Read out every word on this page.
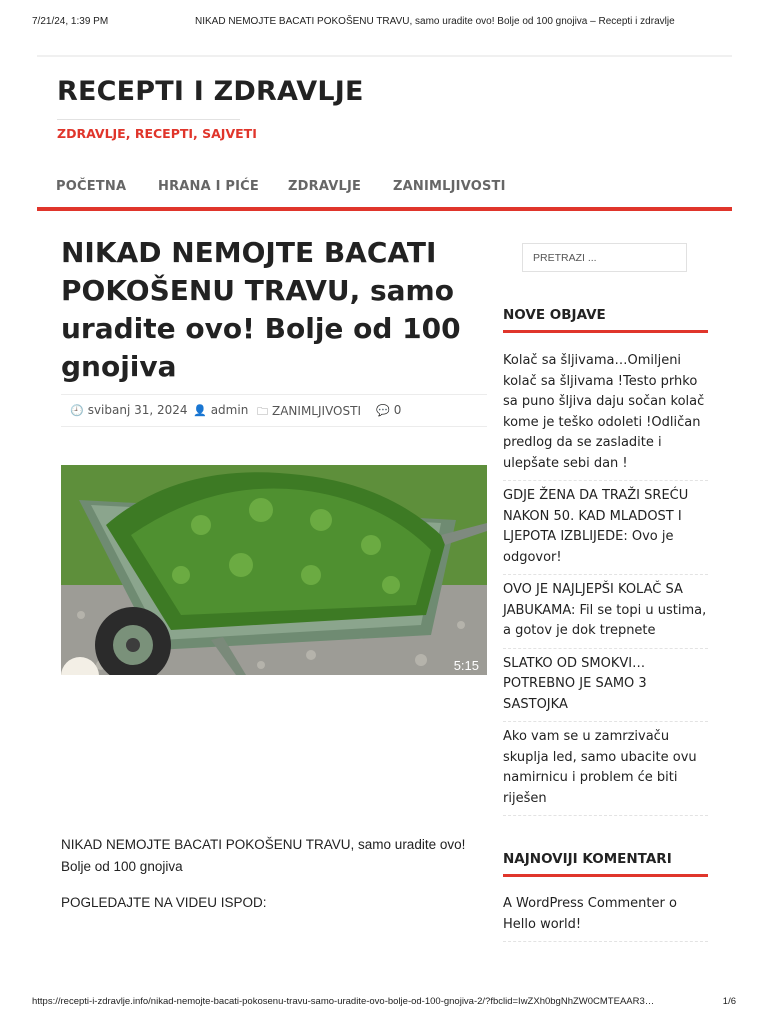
7/21/24, 1:39 PM	NIKAD NEMOJTE BACATI POKOŠENU TRAVU, samo uradite ovo! Bolje od 100 gnojiva – Recepti i zdravlje
RECEPTI I ZDRAVLJE
ZDRAVLJE, RECEPTI, SAJVETI
POČETNA HRANA I PIĆE ZDRAVLJE ZANIMLJIVOSTI
NIKAD NEMOJTE BACATI POKOŠENU TRAVU, samo uradite ovo! Bolje od 100 gnojiva
🕘 svibanj 31, 2024 👤 admin 🗀 ZANIMLJIVOSTI 💬 0
5:15

NIKAD NEMOJTE BACATI POKOŠENU TRAVU, samo uradite ovo! Bolje od 100 gnojiva

POGLEDAJTE NA VIDEU ISPOD:

PRETRAZI ...
NOVE OBJAVE
Kolač sa šljivama…Omiljeni kolač sa šljivama !Testo prhko sa puno šljiva daju sočan kolač kome je teško odoleti !Odličan predlog da se zasladite i ulepšate sebi dan !
GDJE ŽENA DA TRAŽI SREĆU NAKON 50. KAD MLADOST I LJEPOTA IZBLIJEDE: Ovo je odgovor!
OVO JE NAJLJEPŠI KOLAČ SA JABUKAMA: Fil se topi u ustima, a gotov je dok trepnete
SLATKO OD SMOKVI… POTREBNO JE SAMO 3 SASTOJKA
Ako vam se u zamrzivaču skuplja led, samo ubacite ovu namirnicu i problem će biti riješen
NAJNOVIJI KOMENTARI
A WordPress Commenter o Hello world!
https://recepti-i-zdravlje.info/nikad-nemojte-bacati-pokosenu-travu-samo-uradite-ovo-bolje-od-100-gnojiva-2/?fbclid=IwZXh0bgNhZW0CMTEAAR3…	1/6
